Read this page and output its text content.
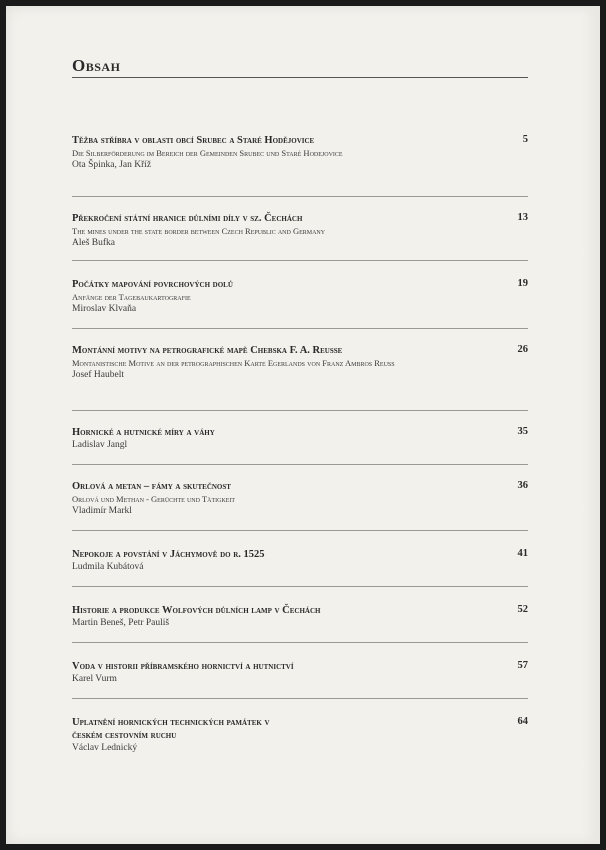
Obsah
Těžba stříbra v oblasti obcí Srubec a Staré Hodějovice
Die Silberförderung im Bereich der Gemeinden Srubec und Staré Hodejovice
Ota Špinka, Jan Kříž
5
Překročení státní hranice důlními díly v sz. Čechách
The mines under the state border between Czech Republic and Germany
Aleš Bufka
13
Počátky mapování povrchových dolů
Anfänge der Tagebaukartografie
Miroslav Klvaňa
19
Montánní motivy na petrografické mapě Chebska F. A. Reusse
Montanistische Motive an der petrographischen Karte Egerlands von Franz Ambros Reuss
Josef Haubelt
26
Hornické a hutnické míry a váhy
Ladislav Jangl
35
Orlová a metan – fámy a skutečnost
Orlová und Methan - Gerüchte und Tätigkeit
Vladimír Markl
36
Nepokoje a povstání v Jáchymově do r. 1525
Ludmila Kubátová
41
Historie a produkce Wolfových důlních lamp v Čechách
Martin Beneš, Petr Pauliš
52
Voda v historii příbramského hornictví a hutnictví
Karel Vurm
57
Uplatnění hornických technických památek v českém cestovním ruchu
Václav Lednický
64
